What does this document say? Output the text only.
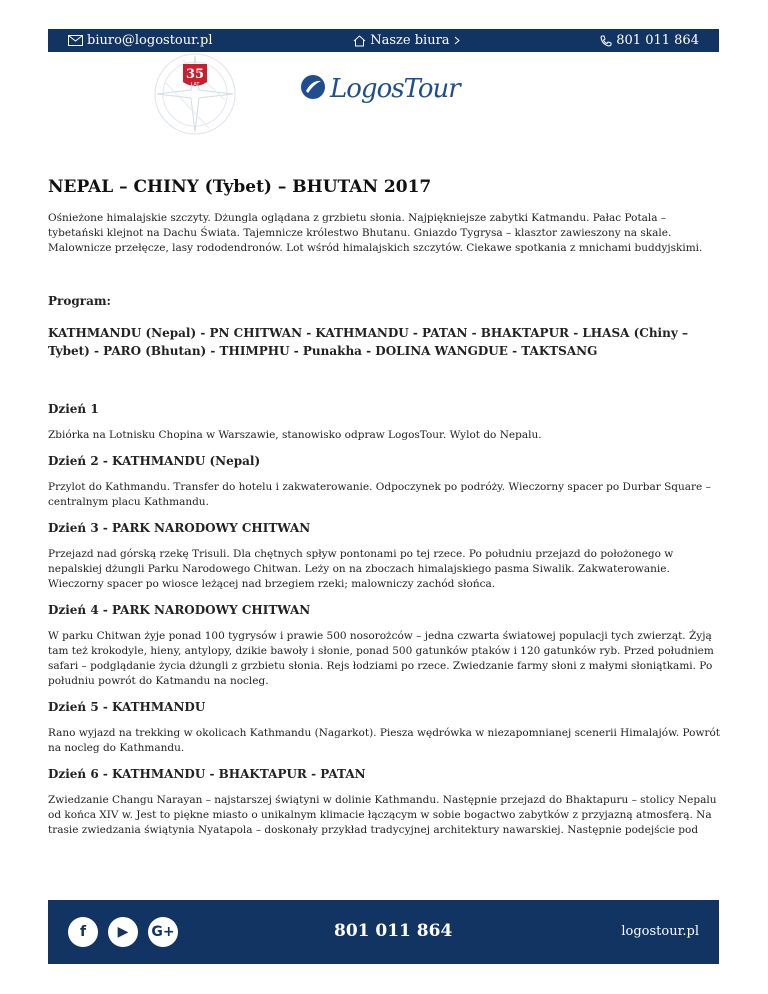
biuro@logostour.pl	Nasze biura	801 011 864
35
LAT	LogosTour
NEPAL – CHINY (Tybet) – BHUTAN 2017

Ośnieżone himalajskie szczyty. Dżungla oglądana z grzbietu słonia. Najpiękniejsze zabytki Katmandu. Pałac Potala – tybetański klejnot na Dachu Świata. Tajemnicze królestwo Bhutanu. Gniazdo Tygrysa – klasztor zawieszony na skale. Malownicze przełęcze, lasy rododendronów. Lot wśród himalajskich szczytów. Ciekawe spotkania z mnichami buddyjskimi.

Program:
KATHMANDU (Nepal) - PN CHITWAN - KATHMANDU - PATAN - BHAKTAPUR - LHASA (Chiny – Tybet) - PARO (Bhutan) - THIMPHU - Punakha - DOLINA WANGDUE - TAKTSANG
Dzień 1

Zbiórka na Lotnisku Chopina w Warszawie, stanowisko odpraw LogosTour. Wylot do Nepalu.

Dzień 2 - KATHMANDU (Nepal)

Przylot do Kathmandu. Transfer do hotelu i zakwaterowanie. Odpoczynek po podróży. Wieczorny spacer po Durbar Square – centralnym placu Kathmandu.

Dzień 3 - PARK NARODOWY CHITWAN

Przejazd nad górską rzekę Trisuli. Dla chętnych spływ pontonami po tej rzece. Po południu przejazd do położonego w nepalskiej dżungli Parku Narodowego Chitwan. Leży on na zboczach himalajskiego pasma Siwalik. Zakwaterowanie. Wieczorny spacer po wiosce leżącej nad brzegiem rzeki; malowniczy zachód słońca.

Dzień 4 - PARK NARODOWY CHITWAN

W parku Chitwan żyje ponad 100 tygrysów i prawie 500 nosorożców – jedna czwarta światowej populacji tych zwierząt. Żyją tam też krokodyle, hieny, antylopy, dzikie bawoły i słonie, ponad 500 gatunków ptaków i 120 gatunków ryb. Przed południem safari – podglądanie życia dżungli z grzbietu słonia. Rejs łodziami po rzece. Zwiedzanie farmy słoni z małymi słoniątkami. Po południu powrót do Katmandu na nocleg.

Dzień 5 - KATHMANDU

Rano wyjazd na trekking w okolicach Kathmandu (Nagarkot). Piesza wędrówka w niezapomnianej scenerii Himalajów. Powrót na nocleg do Kathmandu.

Dzień 6 - KATHMANDU - BHAKTAPUR - PATAN

Zwiedzanie Changu Narayan – najstarszej świątyni w dolinie Kathmandu. Następnie przejazd do Bhaktapuru – stolicy Nepalu od końca XIV w. Jest to piękne miasto o unikalnym klimacie łączącym w sobie bogactwo zabytków z przyjazną atmosferą. Na trasie zwiedzania świątynia Nyatapola – doskonały przykład tradycyjnej architektury nawarskiej. Następnie podejście pod

f ▶ G+	801 011 864	logostour.pl
